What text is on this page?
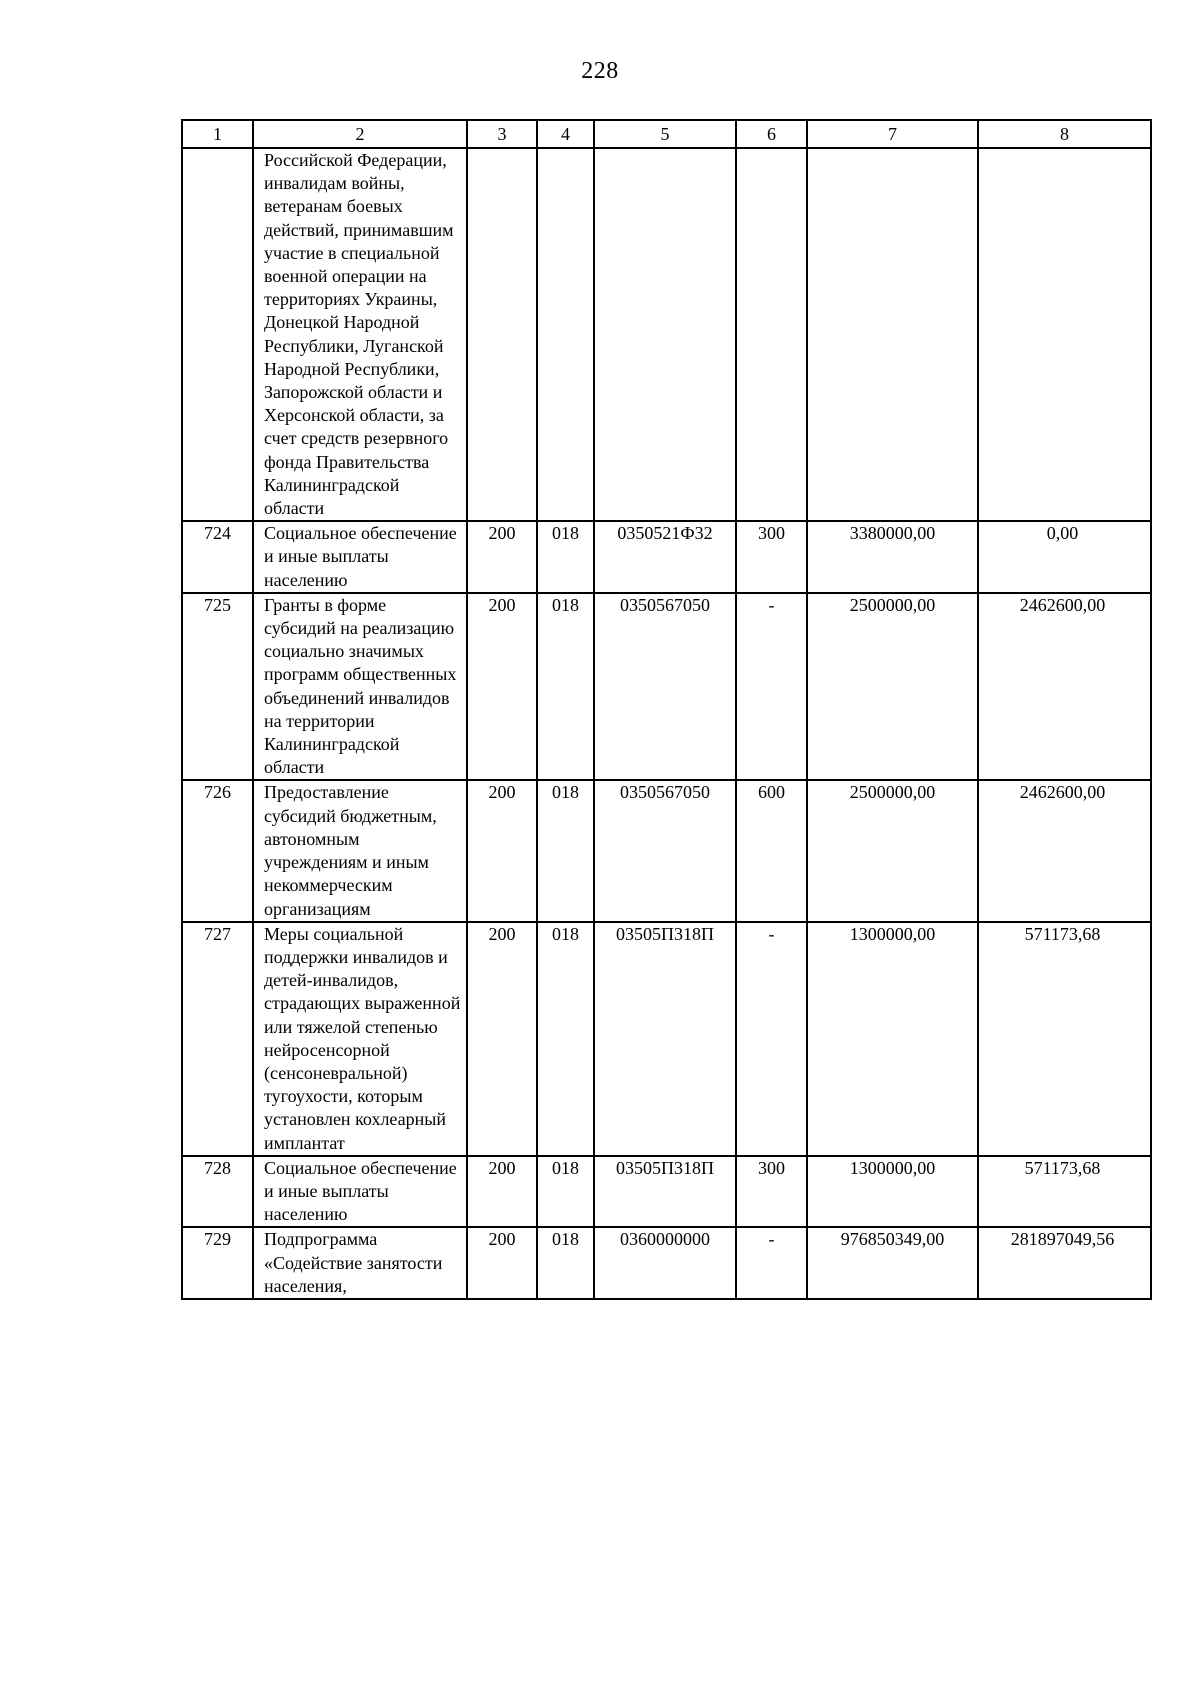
228
1	2	3	4	5	6	7	8
	Российской Федерации, инвалидам войны, ветеранам боевых действий, принимавшим участие в специальной военной операции на территориях Украины, Донецкой Народной Республики, Луганской Народной Республики, Запорожской области и Херсонской области, за счет средств резервного фонда Правительства Калининградской области						
724	Социальное обеспечение и иные выплаты населению	200	018	0350521Ф32	300	3380000,00	0,00
725	Гранты в форме субсидий на реализацию социально значимых программ общественных объединений инвалидов на территории Калининградской области	200	018	0350567050	-	2500000,00	2462600,00
726	Предоставление субсидий бюджетным, автономным учреждениям и иным некоммерческим организациям	200	018	0350567050	600	2500000,00	2462600,00
727	Меры социальной поддержки инвалидов и детей-инвалидов, страдающих выраженной или тяжелой степенью нейросенсорной (сенсоневральной) тугоухости, которым установлен кохлеарный имплантат	200	018	03505П318П	-	1300000,00	571173,68
728	Социальное обеспечение и иные выплаты населению	200	018	03505П318П	300	1300000,00	571173,68
729	Подпрограмма «Содействие занятости населения,	200	018	0360000000	-	976850349,00	281897049,56
